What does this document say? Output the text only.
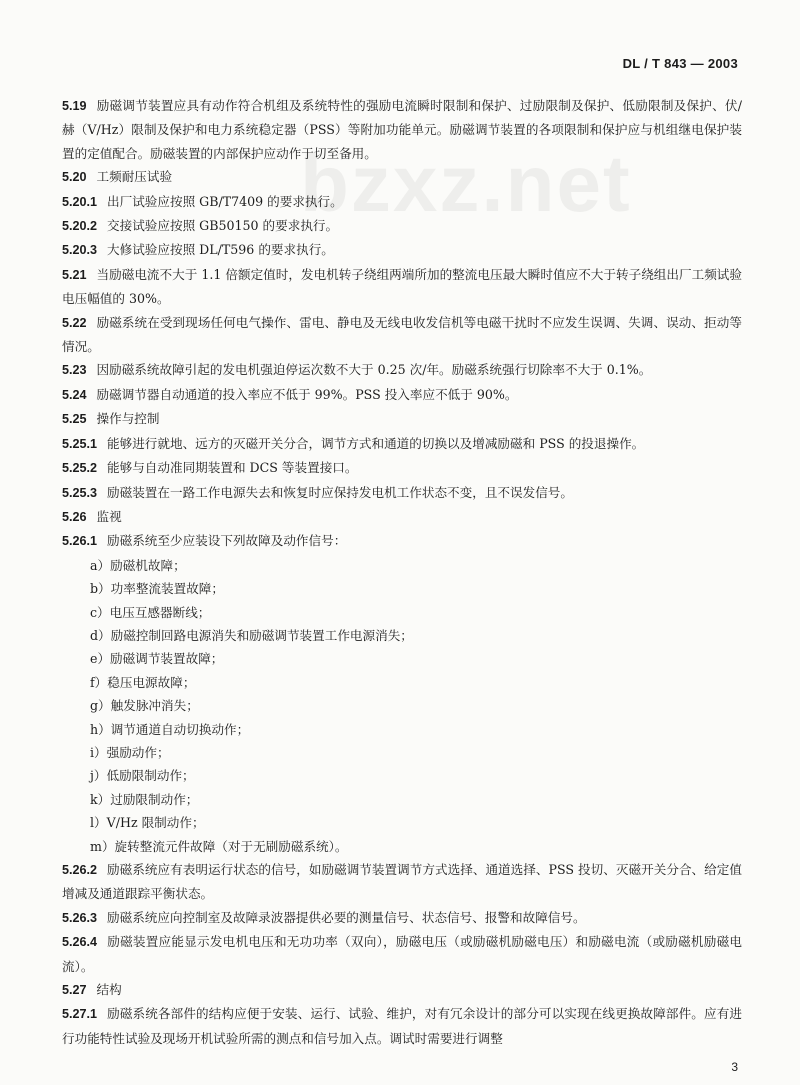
DL / T 843 — 2003
bzxz.net

5.19 励磁调节装置应具有动作符合机组及系统特性的强励电流瞬时限制和保护、过励限制及保护、低励限制及保护、伏/赫（V/Hz）限制及保护和电力系统稳定器（PSS）等附加功能单元。励磁调节装置的各项限制和保护应与机组继电保护装置的定值配合。励磁装置的内部保护应动作于切至备用。

5.20 工频耐压试验

5.20.1 出厂试验应按照 GB/T7409 的要求执行。

5.20.2 交接试验应按照 GB50150 的要求执行。

5.20.3 大修试验应按照 DL/T596 的要求执行。

5.21 当励磁电流不大于 1.1 倍额定值时，发电机转子绕组两端所加的整流电压最大瞬时值应不大于转子绕组出厂工频试验电压幅值的 30%。

5.22 励磁系统在受到现场任何电气操作、雷电、静电及无线电收发信机等电磁干扰时不应发生误调、失调、误动、拒动等情况。

5.23 因励磁系统故障引起的发电机强迫停运次数不大于 0.25 次/年。励磁系统强行切除率不大于 0.1%。

5.24 励磁调节器自动通道的投入率应不低于 99%。PSS 投入率应不低于 90%。

5.25 操作与控制

5.25.1 能够进行就地、远方的灭磁开关分合，调节方式和通道的切换以及增减励磁和 PSS 的投退操作。

5.25.2 能够与自动准同期装置和 DCS 等装置接口。

5.25.3 励磁装置在一路工作电源失去和恢复时应保持发电机工作状态不变，且不误发信号。

5.26 监视

5.26.1 励磁系统至少应装设下列故障及动作信号：

a）励磁机故障；

b）功率整流装置故障；

c）电压互感器断线；

d）励磁控制回路电源消失和励磁调节装置工作电源消失；

e）励磁调节装置故障；

f）稳压电源故障；

g）触发脉冲消失；

h）调节通道自动切换动作；

i）强励动作；

j）低励限制动作；

k）过励限制动作；

l）V/Hz 限制动作；

m）旋转整流元件故障（对于无刷励磁系统）。

5.26.2 励磁系统应有表明运行状态的信号，如励磁调节装置调节方式选择、通道选择、PSS 投切、灭磁开关分合、给定值增减及通道跟踪平衡状态。

5.26.3 励磁系统应向控制室及故障录波器提供必要的测量信号、状态信号、报警和故障信号。

5.26.4 励磁装置应能显示发电机电压和无功功率（双向），励磁电压（或励磁机励磁电压）和励磁电流（或励磁机励磁电流）。

5.27 结构

5.27.1 励磁系统各部件的结构应便于安装、运行、试验、维护，对有冗余设计的部分可以实现在线更换故障部件。应有进行功能特性试验及现场开机试验所需的测点和信号加入点。调试时需要进行调整

3
